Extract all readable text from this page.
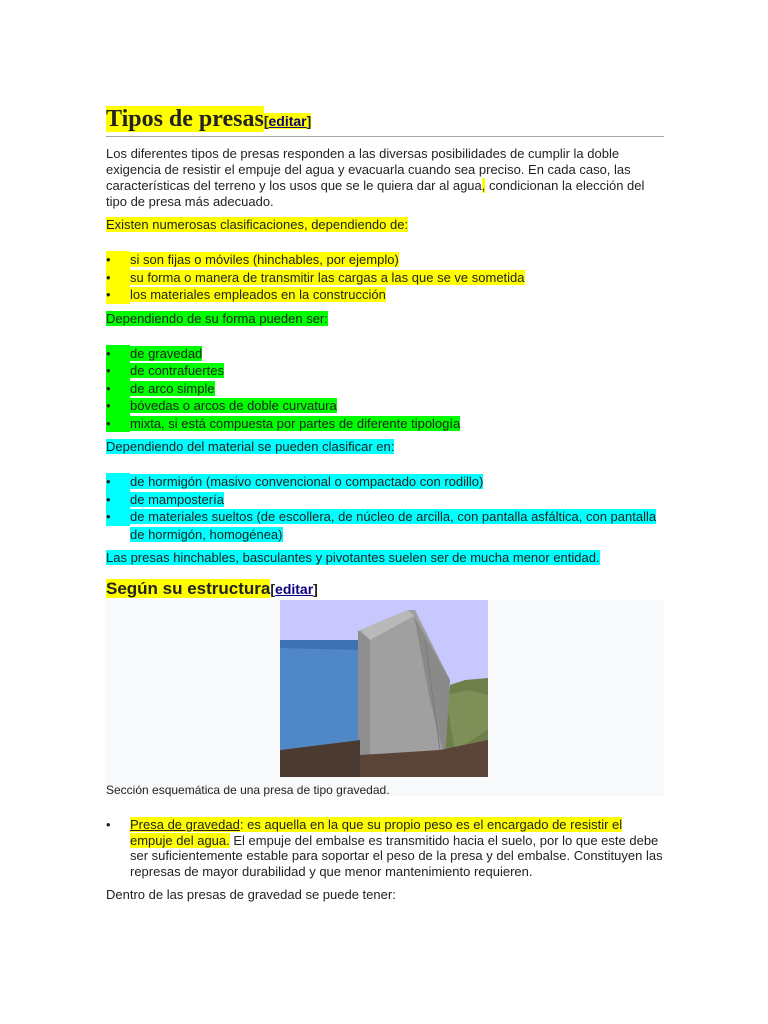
Tipos de presas[editar]

Los diferentes tipos de presas responden a las diversas posibilidades de cumplir la doble exigencia de resistir el empuje del agua y evacuarla cuando sea preciso. En cada caso, las características del terreno y los usos que se le quiera dar al agua, condicionan la elección del tipo de presa más adecuado.

Existen numerosas clasificaciones, dependiendo de:

•	si son fijas o móviles (hinchables, por ejemplo)
•	su forma o manera de transmitir las cargas a las que se ve sometida
•	los materiales empleados en la construcción

Dependiendo de su forma pueden ser:

•	de gravedad
•	de contrafuertes
•	de arco simple
•	bóvedas o arcos de doble curvatura
•	mixta, si está compuesta por partes de diferente tipología

Dependiendo del material se pueden clasificar en:

•	de hormigón (masivo convencional o compactado con rodillo)
•	de mampostería
•	de materiales sueltos (de escollera, de núcleo de arcilla, con pantalla asfáltica, con pantalla de hormigón, homogénea)

Las presas hinchables, basculantes y pivotantes suelen ser de mucha menor entidad.

Según su estructura[editar]
Sección esquemática de una presa de tipo gravedad.
• Presa de gravedad: es aquella en la que su propio peso es el encargado de resistir el empuje del agua. El empuje del embalse es transmitido hacia el suelo, por lo que este debe ser suficientemente estable para soportar el peso de la presa y del embalse. Constituyen las represas de mayor durabilidad y que menor mantenimiento requieren.

Dentro de las presas de gravedad se puede tener:
